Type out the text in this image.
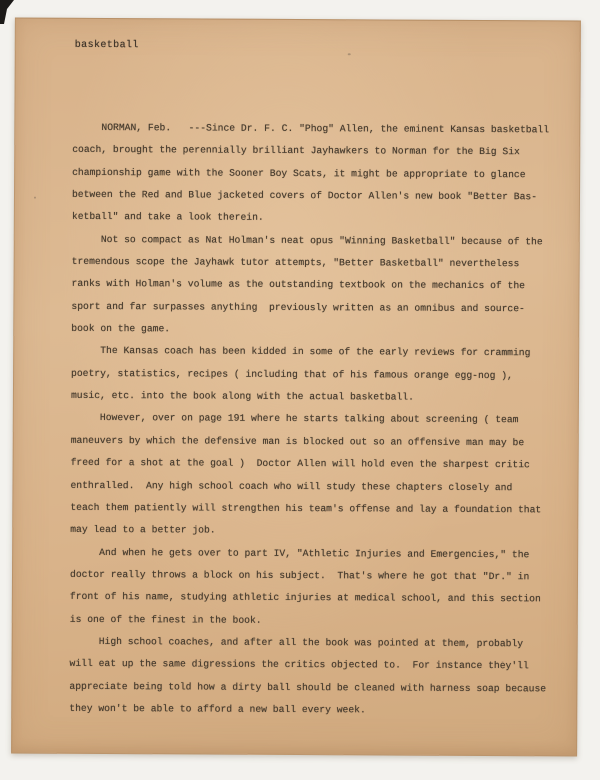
basketball
NORMAN, Feb.   ---Since Dr. F. C. "Phog" Allen, the eminent Kansas basketball
coach, brought the perennially brilliant Jayhawkers to Norman for the Big Six
championship game with the Sooner Boy Scats, it might be appropriate to glance
between the Red and Blue jacketed covers of Doctor Allen's new book "Better Bas-
ketball" and take a look therein.
Not so compact as Nat Holman's neat opus "Winning Basketball" because of the
tremendous scope the Jayhawk tutor attempts, "Better Basketball" nevertheless
ranks with Holman's volume as the outstanding textbook on the mechanics of the
sport and far surpasses anything  previously written as an omnibus and source-
book on the game.
The Kansas coach has been kidded in some of the early reviews for cramming
poetry, statistics, recipes ( including that of his famous orange egg-nog ),
music, etc. into the book along with the actual basketball.
However, over on page 191 where he starts talking about screening ( team
maneuvers by which the defensive man is blocked out so an offensive man may be
freed for a shot at the goal )  Doctor Allen will hold even the sharpest critic
enthralled.  Any high school coach who will study these chapters closely and
teach them patiently will strengthen his team's offense and lay a foundation that
may lead to a better job.
And when he gets over to part IV, "Athletic Injuries and Emergencies," the
doctor really throws a block on his subject.  That's where he got that "Dr." in
front of his name, studying athletic injuries at medical school, and this section
is one of the finest in the book.
High school coaches, and after all the book was pointed at them, probably
will eat up the same digressions the critics objected to.  For instance they'll
appreciate being told how a dirty ball should be cleaned with harness soap because
they won't be able to afford a new ball every week.
